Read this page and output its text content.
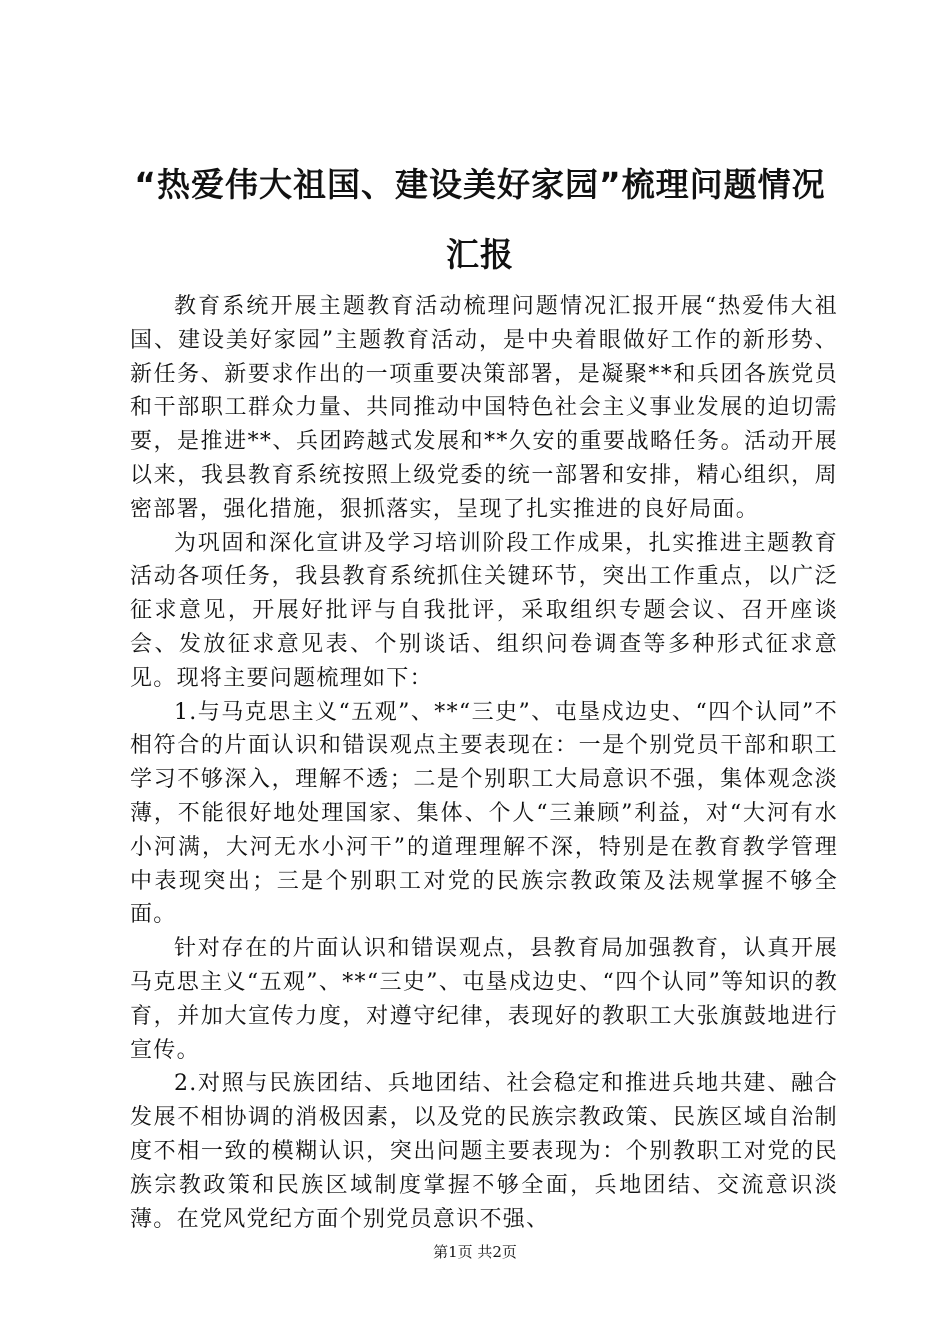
“热爱伟大祖国、建设美好家园”梳理问题情况汇报

教育系统开展主题教育活动梳理问题情况汇报开展“热爱伟大祖国、建设美好家园”主题教育活动，是中央着眼做好工作的新形势、新任务、新要求作出的一项重要决策部署，是凝聚**和兵团各族党员和干部职工群众力量、共同推动中国特色社会主义事业发展的迫切需要，是推进**、兵团跨越式发展和**久安的重要战略任务。活动开展以来，我县教育系统按照上级党委的统一部署和安排，精心组织，周密部署，强化措施，狠抓落实，呈现了扎实推进的良好局面。

为巩固和深化宣讲及学习培训阶段工作成果，扎实推进主题教育活动各项任务，我县教育系统抓住关键环节，突出工作重点，以广泛征求意见，开展好批评与自我批评，采取组织专题会议、召开座谈会、发放征求意见表、个别谈话、组织问卷调查等多种形式征求意见。现将主要问题梳理如下：

1.与马克思主义“五观”、**“三史”、屯垦戍边史、“四个认同”不相符合的片面认识和错误观点主要表现在：一是个别党员干部和职工学习不够深入，理解不透；二是个别职工大局意识不强，集体观念淡薄，不能很好地处理国家、集体、个人“三兼顾”利益，对“大河有水小河满，大河无水小河干”的道理理解不深，特别是在教育教学管理中表现突出；三是个别职工对党的民族宗教政策及法规掌握不够全面。

针对存在的片面认识和错误观点，县教育局加强教育，认真开展马克思主义“五观”、**“三史”、屯垦戍边史、“四个认同”等知识的教育，并加大宣传力度，对遵守纪律，表现好的教职工大张旗鼓地进行宣传。

2.对照与民族团结、兵地团结、社会稳定和推进兵地共建、融合发展不相协调的消极因素，以及党的民族宗教政策、民族区域自治制度不相一致的模糊认识，突出问题主要表现为：个别教职工对党的民族宗教政策和民族区域制度掌握不够全面，兵地团结、交流意识淡薄。在党风党纪方面个别党员意识不强、

第1页 共2页
